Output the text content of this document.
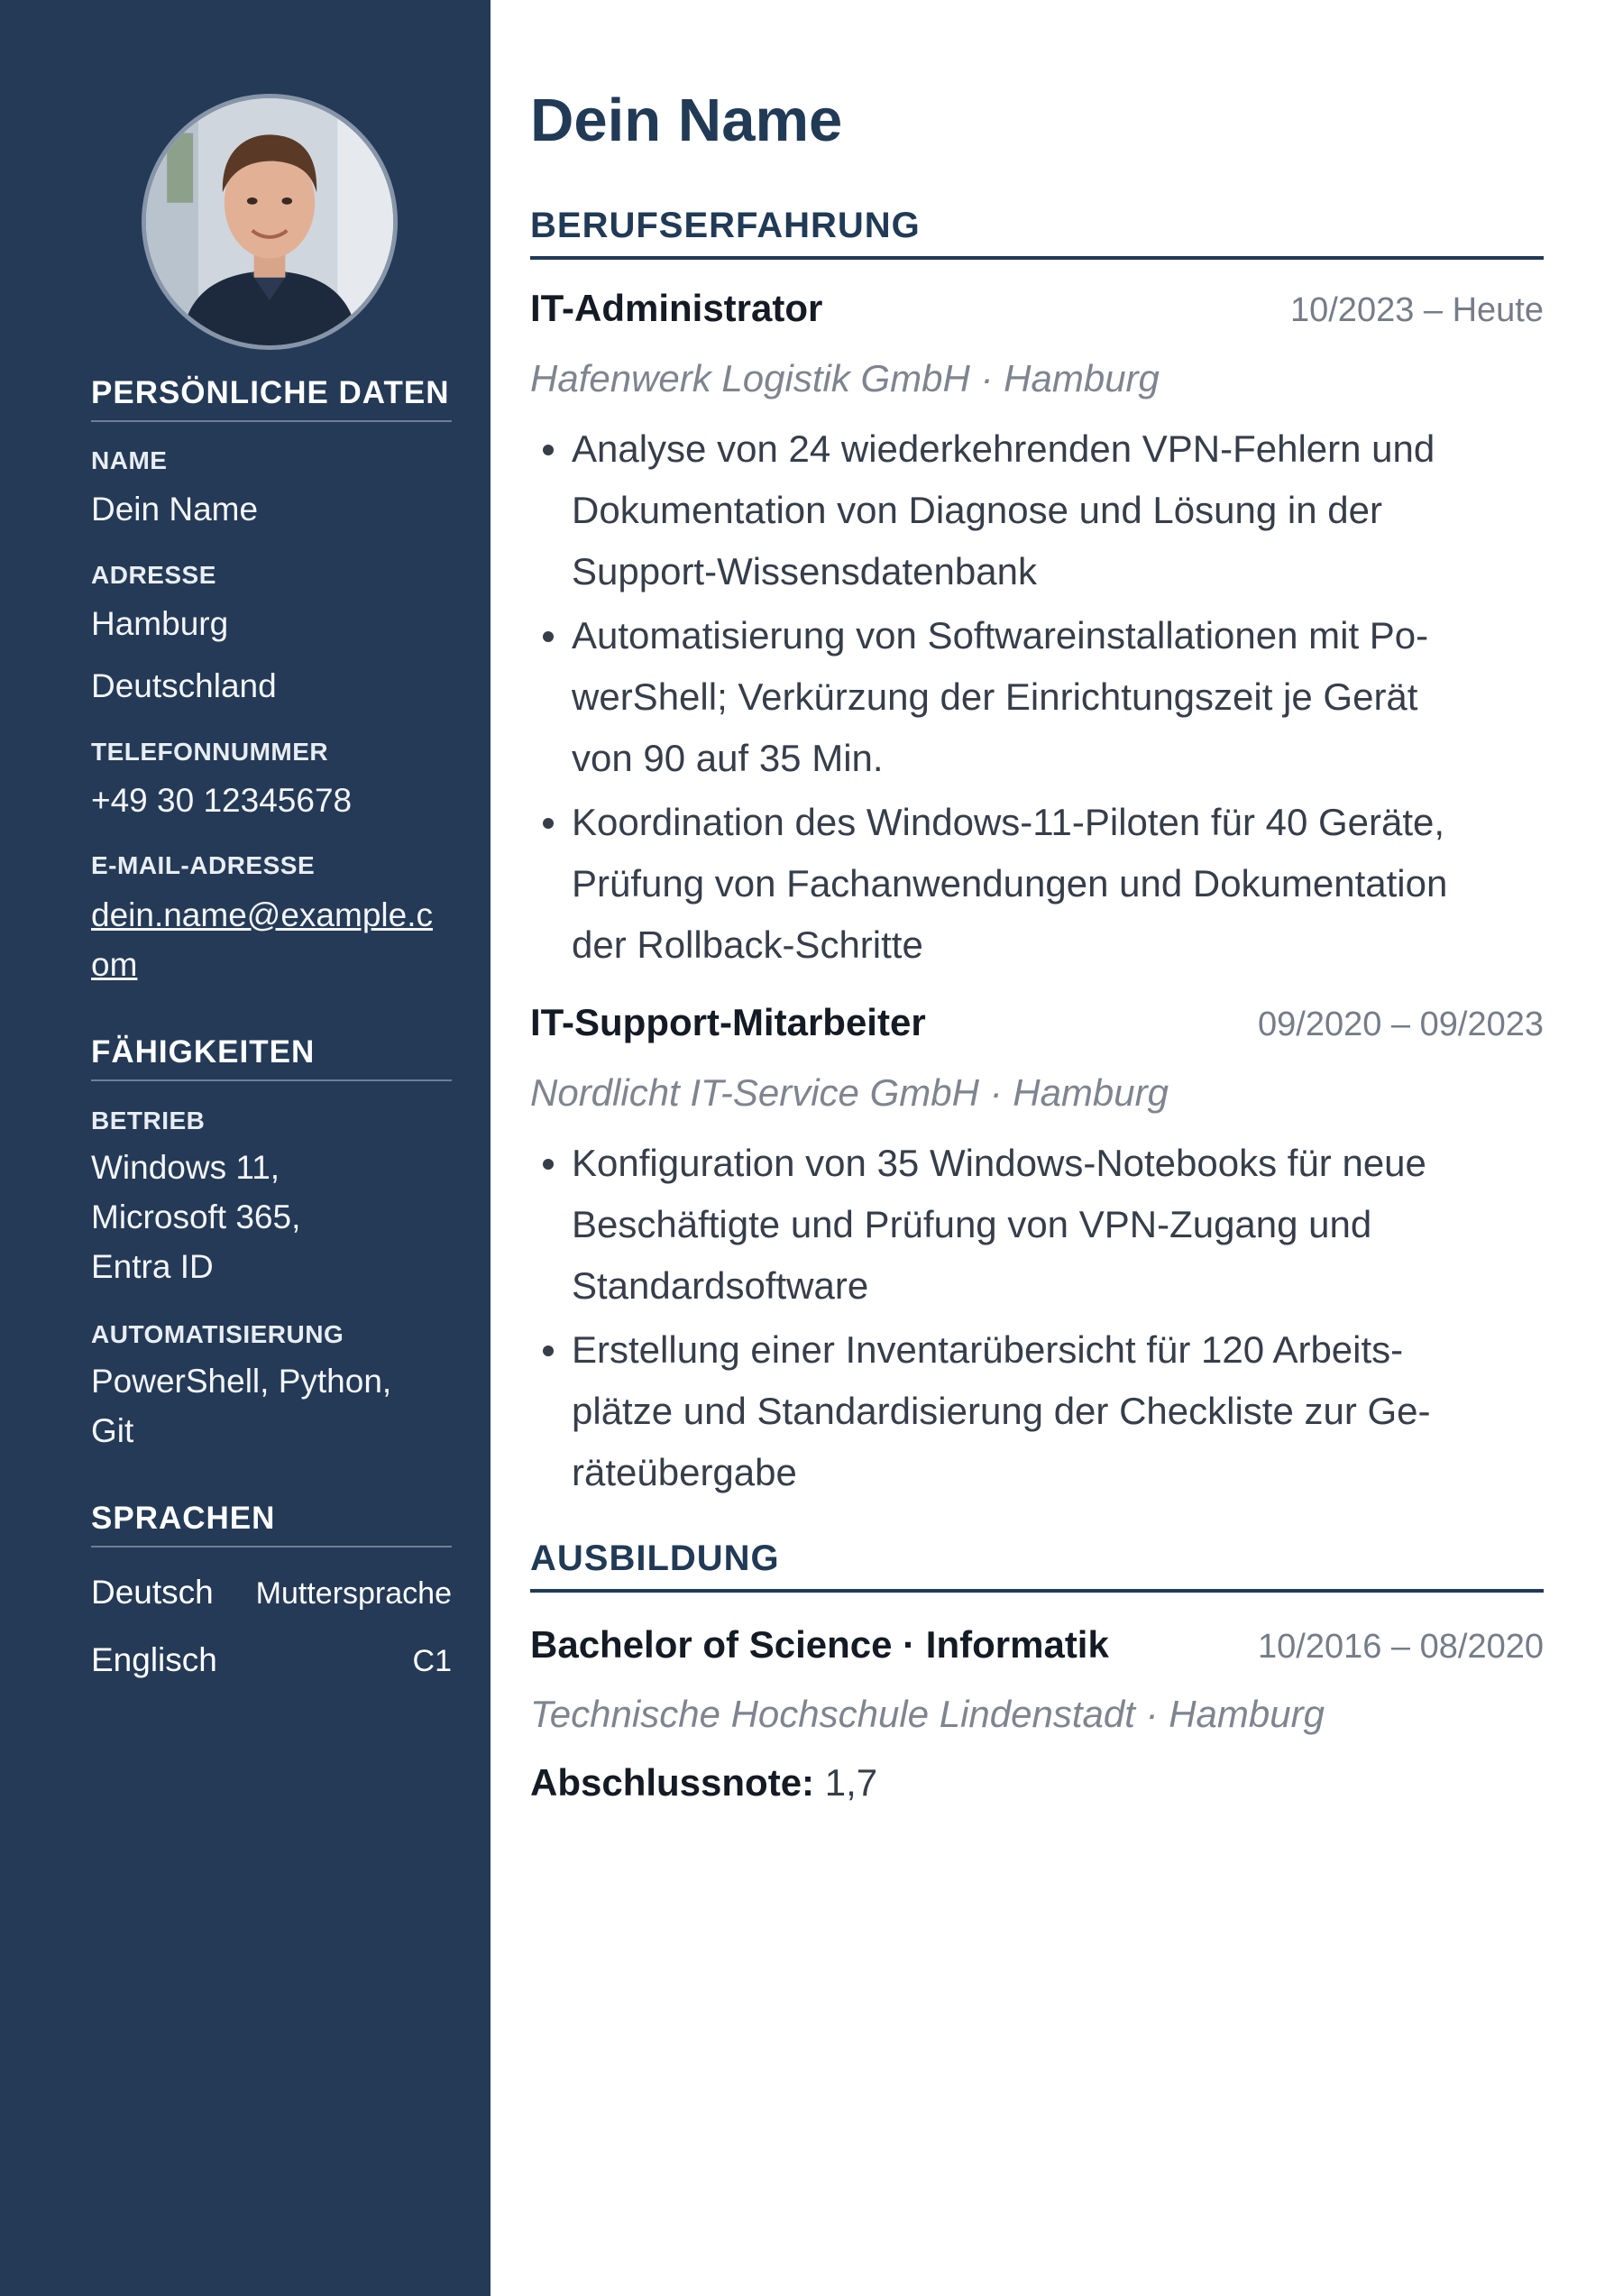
PERSÖNLICHE DATEN
NAME
Dein Name
ADRESSE
Hamburg
Deutschland
TELEFONNUMMER
+49 30 12345678
E-MAIL-ADRESSE
dein.name@example.c
om
FÄHIGKEITEN
BETRIEB
Windows 11,
Microsoft 365,
Entra ID
AUTOMATISIERUNG
PowerShell, Python,
Git
SPRACHEN
Deutsch Muttersprache
Englisch	C1
Dein Name
BERUFSERFAHRUNG
IT-Administrator	10/2023 – Heute
Hafenwerk Logistik GmbH · Hamburg
Analyse von 24 wiederkehrenden VPN-Fehlern und
Dokumentation von Diagnose und Lösung in der
Support-Wissensdatenbank
Automatisierung von Softwareinstallationen mit Po-
werShell; Verkürzung der Einrichtungszeit je Gerät
von 90 auf 35 Min.
Koordination des Windows-11-Piloten für 40 Geräte,
Prüfung von Fachanwendungen und Dokumentation
der Rollback-Schritte
IT-Support-Mitarbeiter	09/2020 – 09/2023
Nordlicht IT-Service GmbH · Hamburg
Konfiguration von 35 Windows-Notebooks für neue
Beschäftigte und Prüfung von VPN-Zugang und
Standardsoftware
Erstellung einer Inventarübersicht für 120 Arbeits-
plätze und Standardisierung der Checkliste zur Ge-
räteübergabe
AUSBILDUNG
Bachelor of Science · Informatik	10/2016 – 08/2020
Technische Hochschule Lindenstadt · Hamburg
Abschlussnote: 1,7
